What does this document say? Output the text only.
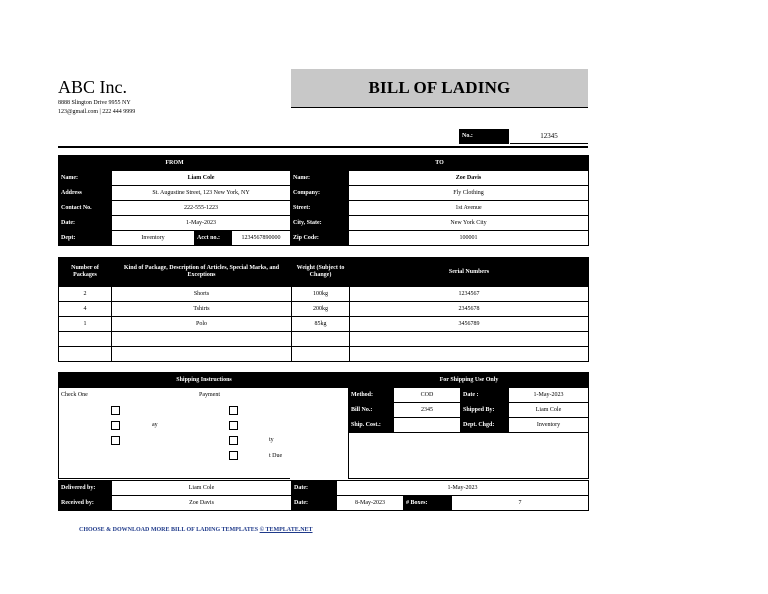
ABC Inc.
8888 Slington Drive 9955 NY
123@gmail.com | 222 444 9999
BILL OF LADING
No.:	12345
FROM				TO	
Name:	Liam Cole			Name:	Zoe Davis
Address	St. Augustine Street, 123 New York, NY			Company:	Fly Clothing
Contact No.	222-555-1223			Street:	1st Avenue
Date:	1-May-2023			City, State:	New York City
Dept:	Inventory	Acct no.:	1234567890000	Zip Code:	100001
Number of Packages	Kind of Package, Description of Articles, Special Marks, and Exceptions	Weight (Subject to Change)	Serial Numbers
2	Shorts	100kg	1234567
4	Tshirts	200kg	2345678
1	Polo	85kg	3456789

Shipping Instructions	For Shipping Use Only
Check One	Payment
ay
ty
t Due
Method:	COD	Date :	1-May-2023
Bill No.:	2345	Shipped By:	Liam Cole
Ship. Cost.:		Dept. Chgd:	Inventory

Delivered by:	Liam Cole	Date:	1-May-2023		
Received by:	Zoe Davis	Date:	8-May-2023	# Boxes:	7
CHOOSE & DOWNLOAD MORE BILL OF LADING TEMPLATES © TEMPLATE.NET
